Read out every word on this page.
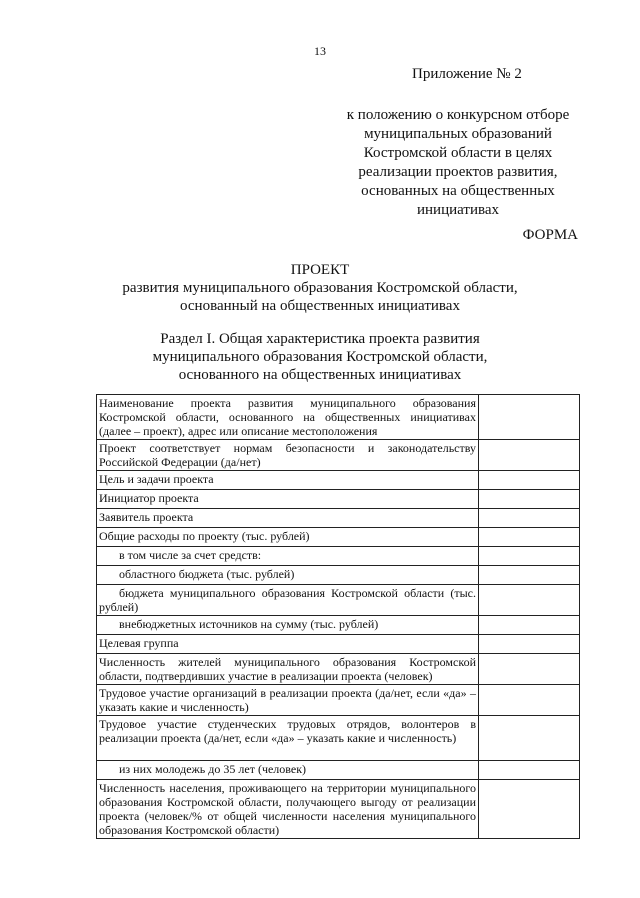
13
Приложение № 2
к положению о конкурсном отборе
муниципальных образований
Костромской области в целях
реализации проектов развития,
основанных на общественных
инициативах
ФОРМА
ПРОЕКТ
развития муниципального образования Костромской области,
основанный на общественных инициативах
Раздел I. Общая характеристика проекта развития
муниципального образования Костромской области,
основанного на общественных инициативах
Наименование проекта развития муниципального образования Костромской области, основанного на общественных инициативах (далее – проект), адрес или описание местоположения	
Проект соответствует нормам безопасности и законодательству Российской Федерации (да/нет)	
Цель и задачи проекта	
Инициатор проекта	
Заявитель проекта	
Общие расходы по проекту (тыс. рублей)	
в том числе за счет средств:	
областного бюджета (тыс. рублей)	
бюджета муниципального образования Костромской области (тыс. рублей)	
внебюджетных источников на сумму (тыс. рублей)	
Целевая группа	
Численность жителей муниципального образования Костромской области, подтвердивших участие в реализации проекта (человек)	
Трудовое участие организаций в реализации проекта (да/нет, если «да» – указать какие и численность)	
Трудовое участие студенческих трудовых отрядов, волонтеров в реализации проекта (да/нет, если «да» – указать какие и численность)	
из них молодежь до 35 лет (человек)	
Численность населения, проживающего на территории муниципального образования Костромской области, получающего выгоду от реализации проекта (человек/% от общей численности населения муниципального образования Костромской области)	
